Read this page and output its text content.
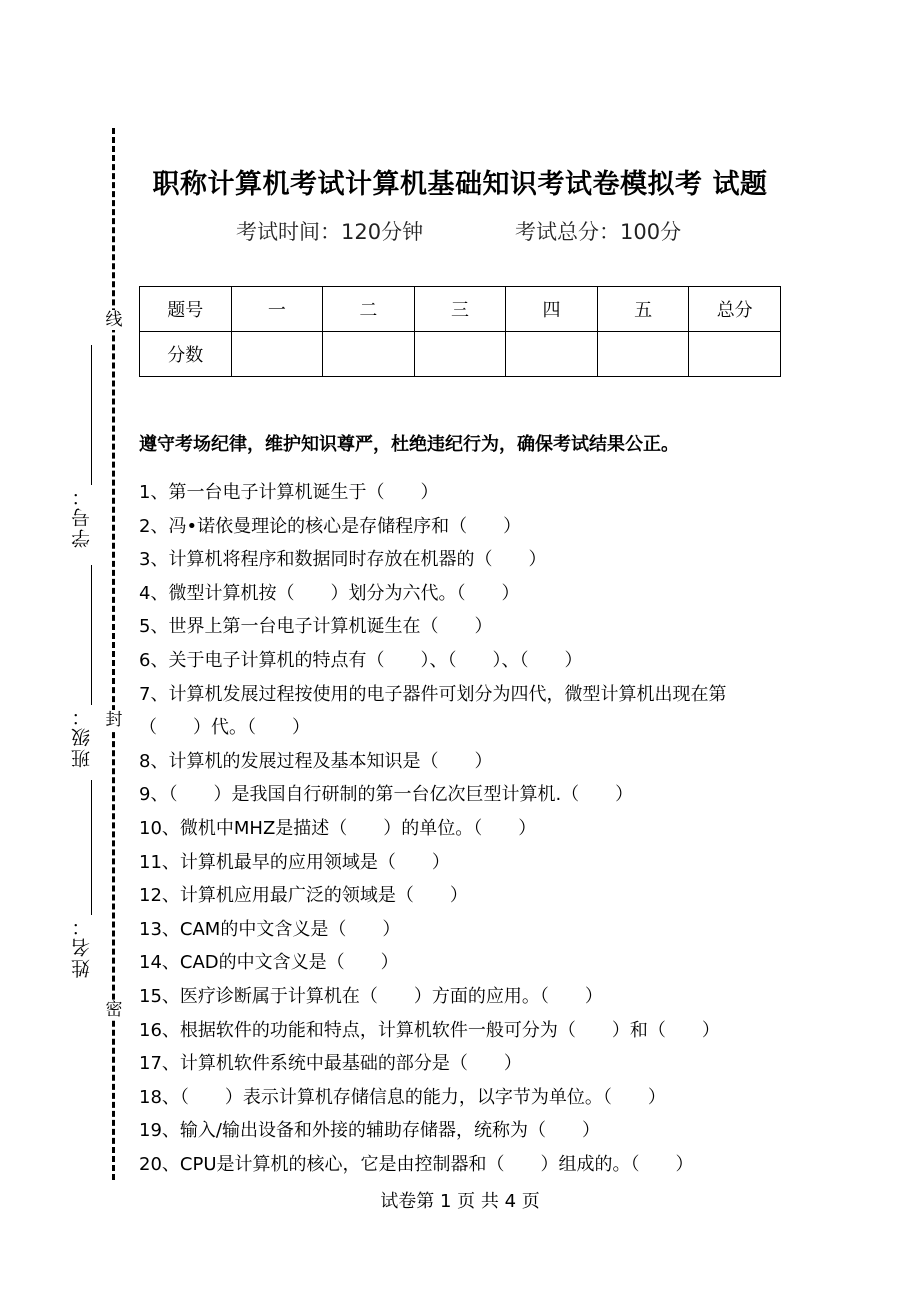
线
封
密
学号：
班级：
姓名：
职称计算机考试计算机基础知识考试卷模拟考 试题
考试时间：120分钟	考试总分：100分
题号	一	二	三	四	五	总分
分数						
遵守考场纪律，维护知识尊严，杜绝违纪行为，确保考试结果公正。
1、第一台电子计算机诞生于（　　）
2、冯•诺依曼理论的核心是存储程序和（　　）
3、计算机将程序和数据同时存放在机器的（　　）
4、微型计算机按（　　）划分为六代。（　　）
5、世界上第一台电子计算机诞生在（　　）
6、关于电子计算机的特点有（　　）、（　　）、（　　）
7、计算机发展过程按使用的电子器件可划分为四代，微型计算机出现在第（　　）代。（　　）
8、计算机的发展过程及基本知识是（　　）
9、（　　）是我国自行研制的第一台亿次巨型计算机.（　　）
10、微机中MHZ是描述（　　）的单位。（　　）
11、计算机最早的应用领域是（　　）
12、计算机应用最广泛的领域是（　　）
13、CAM的中文含义是（　　）
14、CAD的中文含义是（　　）
15、医疗诊断属于计算机在（　　）方面的应用。（　　）
16、根据软件的功能和特点，计算机软件一般可分为（　　）和（　　）
17、计算机软件系统中最基础的部分是（　　）
18、（　　）表示计算机存储信息的能力，以字节为单位。（　　）
19、输入/输出设备和外接的辅助存储器，统称为（　　）
20、CPU是计算机的核心，它是由控制器和（　　）组成的。（　　）
试卷第 1 页 共 4 页
